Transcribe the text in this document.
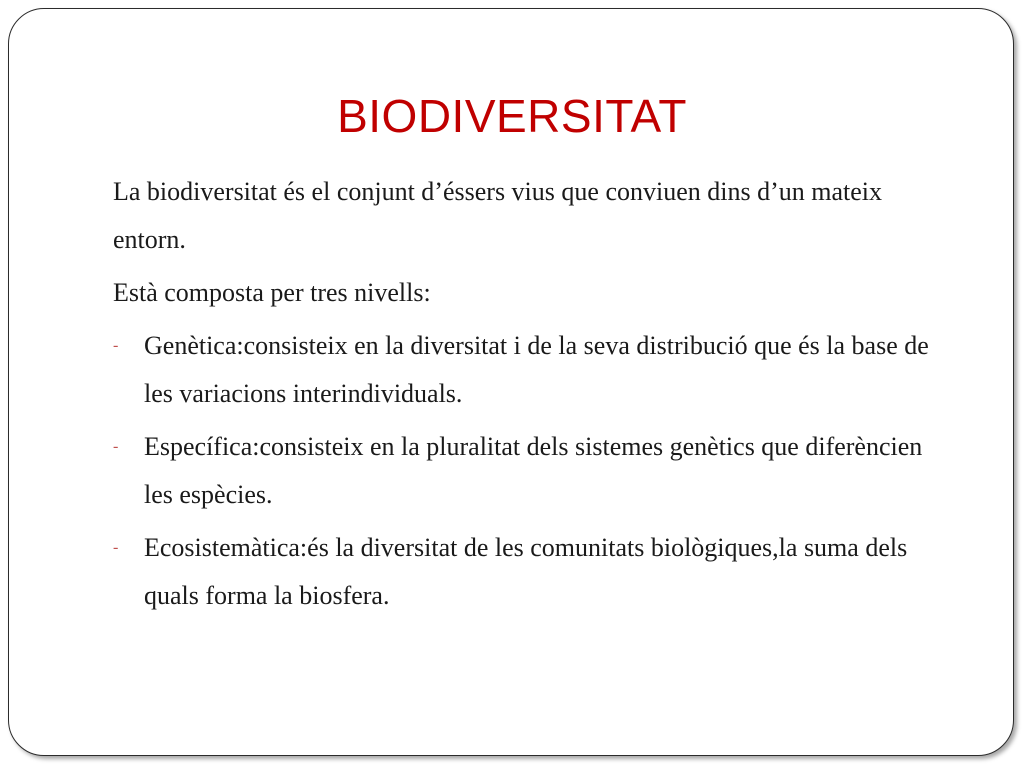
BIODIVERSITAT

La biodiversitat és el conjunt d’éssers vius que conviuen dins d’un mateix entorn.

Està composta per tres nivells:

- Genètica:consisteix en la diversitat i de la seva distribució que és la base de les variacions interindividuals.
- Específica:consisteix en la pluralitat dels sistemes genètics que diferèncien les espècies.
- Ecosistemàtica:és la diversitat de les comunitats biològiques,la suma dels quals forma la biosfera.
